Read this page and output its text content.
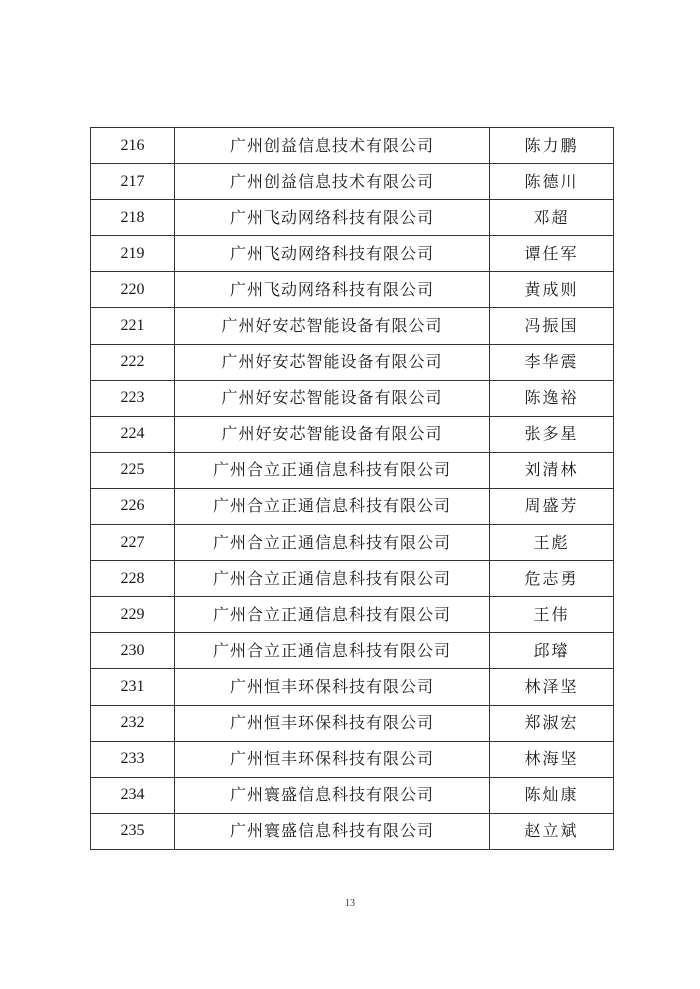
216	广州创益信息技术有限公司	陈力鹏
217	广州创益信息技术有限公司	陈德川
218	广州飞动网络科技有限公司	邓超
219	广州飞动网络科技有限公司	谭任军
220	广州飞动网络科技有限公司	黄成则
221	广州好安芯智能设备有限公司	冯振国
222	广州好安芯智能设备有限公司	李华震
223	广州好安芯智能设备有限公司	陈逸裕
224	广州好安芯智能设备有限公司	张多星
225	广州合立正通信息科技有限公司	刘清林
226	广州合立正通信息科技有限公司	周盛芳
227	广州合立正通信息科技有限公司	王彪
228	广州合立正通信息科技有限公司	危志勇
229	广州合立正通信息科技有限公司	王伟
230	广州合立正通信息科技有限公司	邱璿
231	广州恒丰环保科技有限公司	林泽坚
232	广州恒丰环保科技有限公司	郑淑宏
233	广州恒丰环保科技有限公司	林海坚
234	广州寰盛信息科技有限公司	陈灿康
235	广州寰盛信息科技有限公司	赵立斌
13
